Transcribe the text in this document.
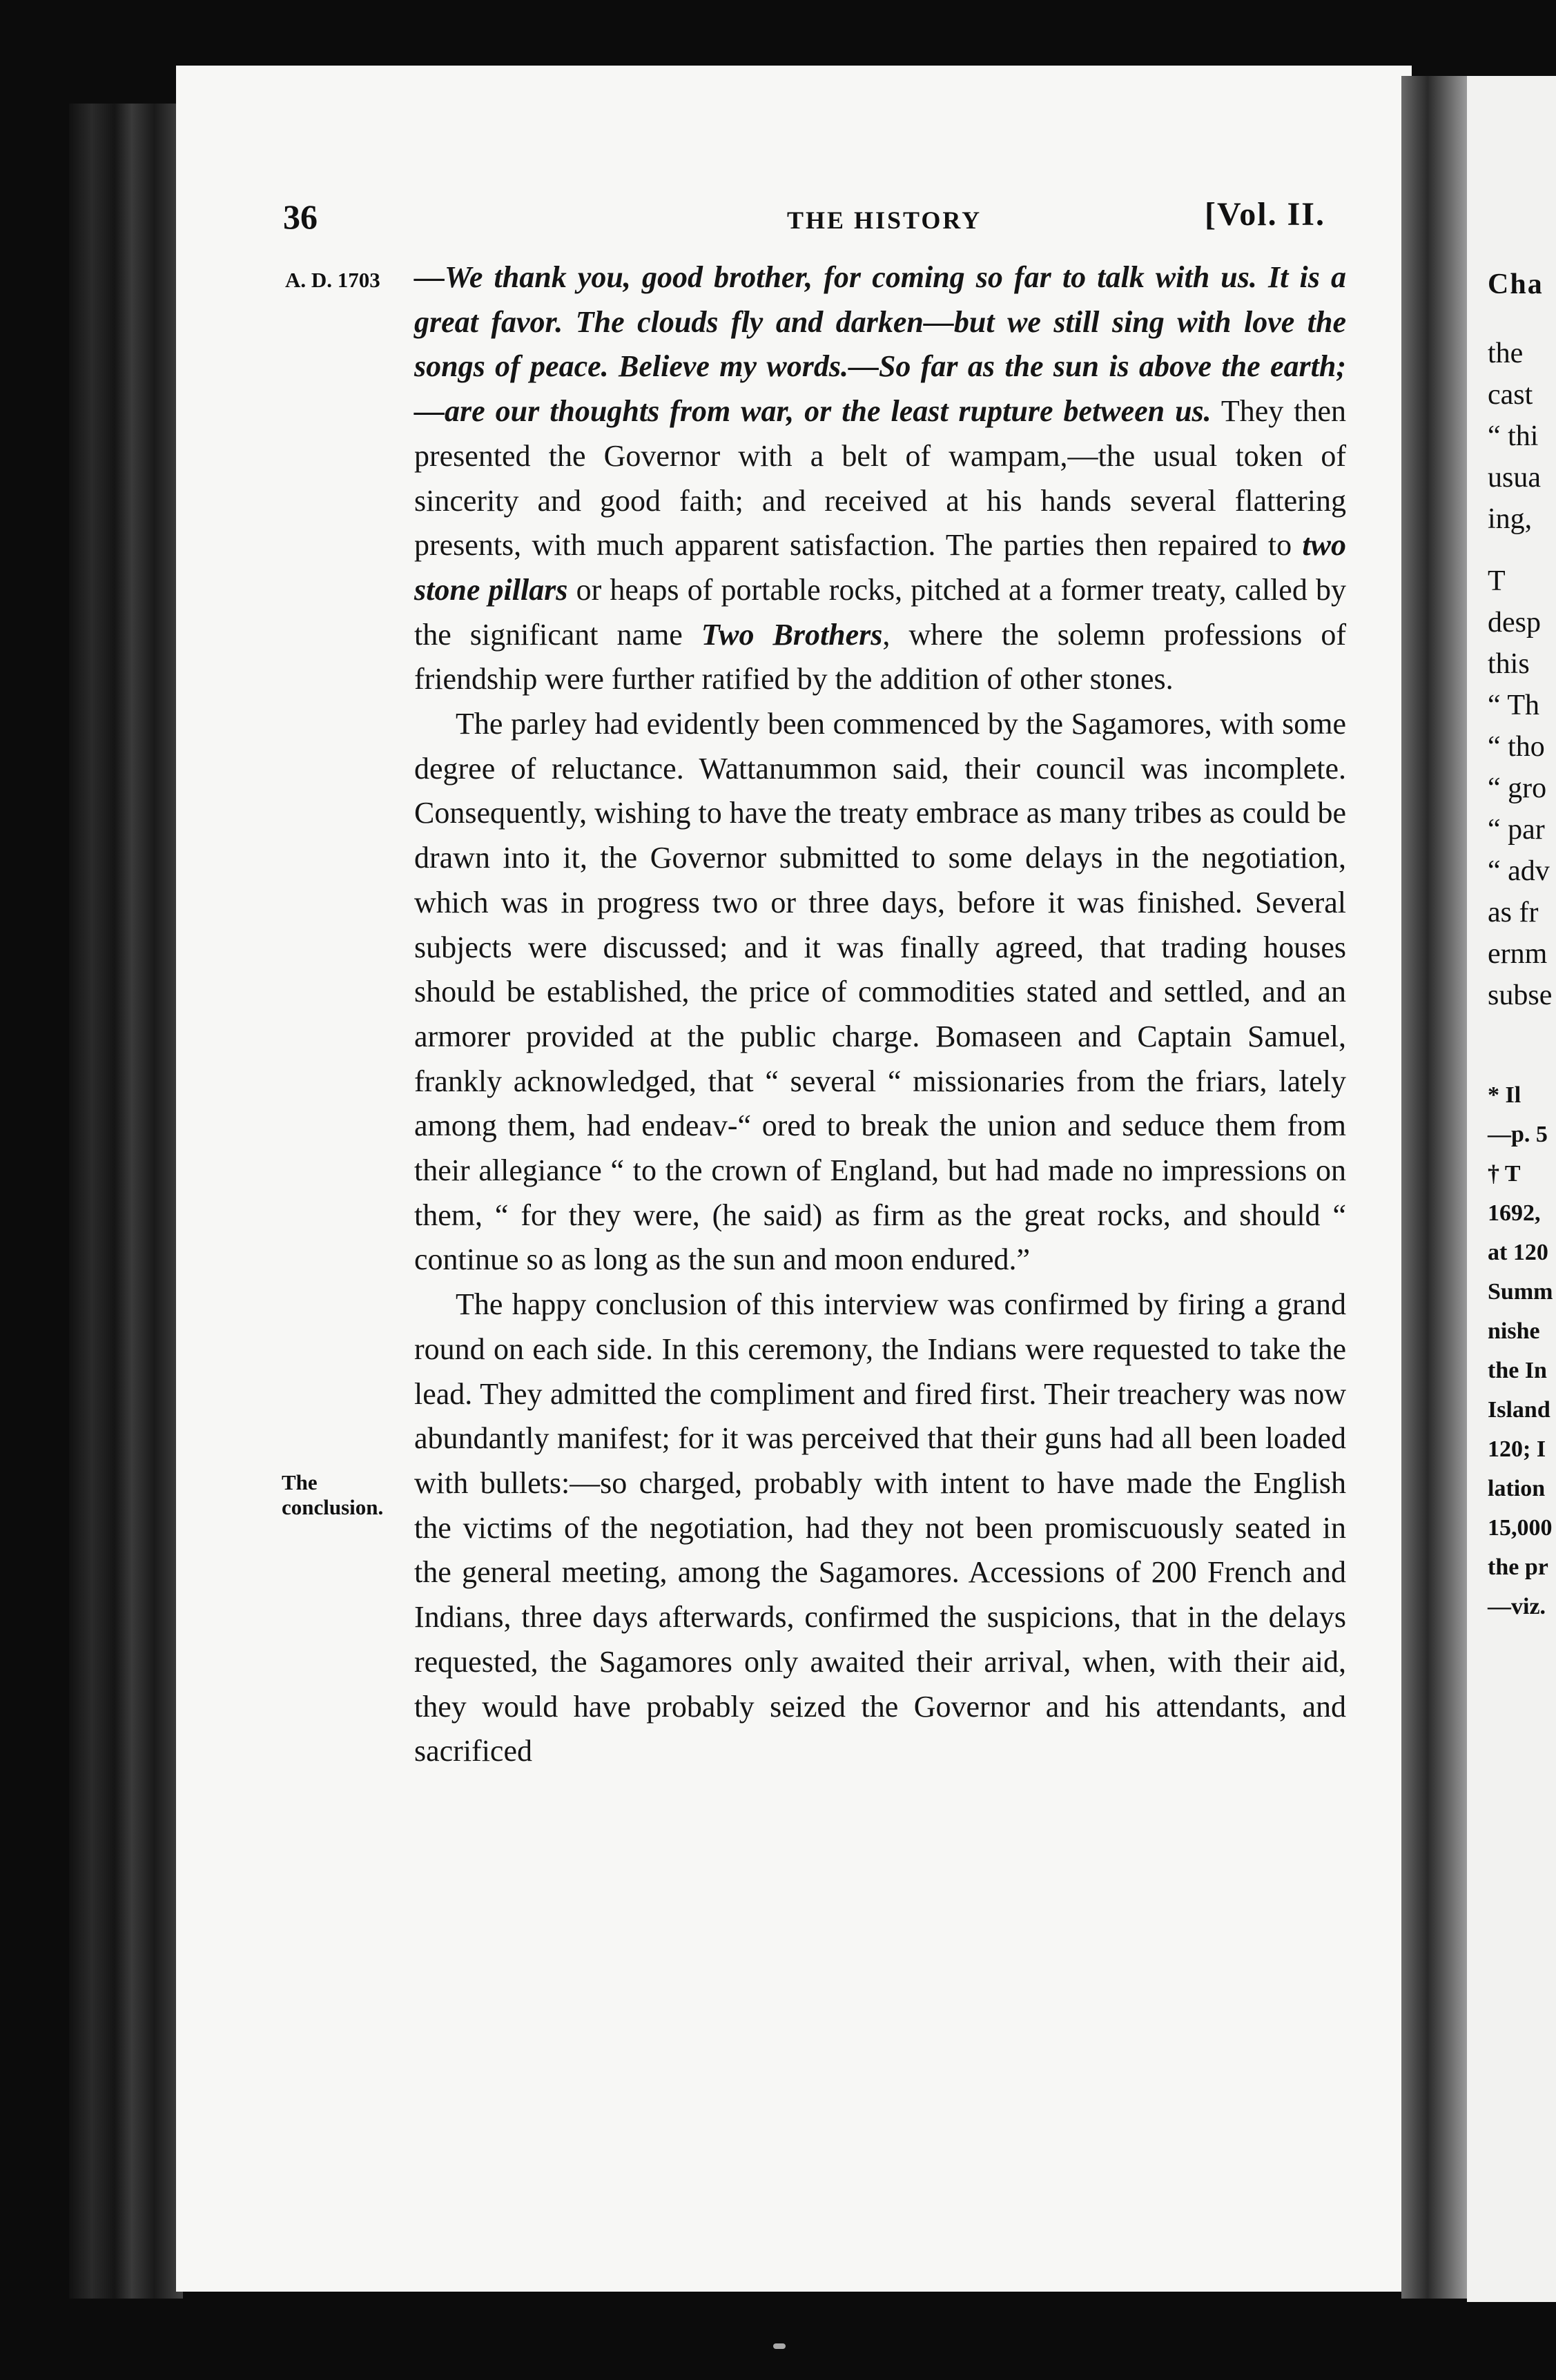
Cha
the
cast
“ thi
usua
ing,
T
desp
this
“ Th
“ tho
“ gro
“ par
“ adv
as fr
ernm
subse
* Il
—p. 5
† T
1692,
at 120
Summ
nishe
the In
Island
120; I
lation
15,000
the pr
—viz.
36	THE HISTORY	[Vol. II.
A. D. 1703
The conclusion.

—We thank you, good brother, for coming so far to talk with us. It is a great favor. The clouds fly and darken—but we still sing with love the songs of peace. Believe my words.—So far as the sun is above the earth;—are our thoughts from war, or the least rupture between us. They then presented the Governor with a belt of wampam,—the usual token of sincerity and good faith; and received at his hands several flattering presents, with much apparent satisfaction. The parties then repaired to two stone pillars or heaps of portable rocks, pitched at a former treaty, called by the significant name Two Brothers, where the solemn professions of friendship were further ratified by the addition of other stones.

The parley had evidently been commenced by the Sagamores, with some degree of reluctance. Wattanummon said, their council was incomplete. Consequently, wishing to have the treaty embrace as many tribes as could be drawn into it, the Governor submitted to some delays in the negotiation, which was in progress two or three days, before it was finished. Several subjects were discussed; and it was finally agreed, that trading houses should be established, the price of commodities stated and settled, and an armorer provided at the public charge. Bomaseen and Captain Samuel, frankly acknowledged, that “ several “ missionaries from the friars, lately among them, had endeav-“ ored to break the union and seduce them from their allegiance “ to the crown of England, but had made no impressions on them, “ for they were, (he said) as firm as the great rocks, and should “ continue so as long as the sun and moon endured.”

The happy conclusion of this interview was confirmed by firing a grand round on each side. In this ceremony, the Indians were requested to take the lead. They admitted the compliment and fired first. Their treachery was now abundantly manifest; for it was perceived that their guns had all been loaded with bullets:—so charged, probably with intent to have made the English the victims of the negotiation, had they not been promiscuously seated in the general meeting, among the Sagamores. Accessions of 200 French and Indians, three days afterwards, confirmed the suspicions, that in the delays requested, the Sagamores only awaited their arrival, when, with their aid, they would have probably seized the Governor and his attendants, and sacrificed
